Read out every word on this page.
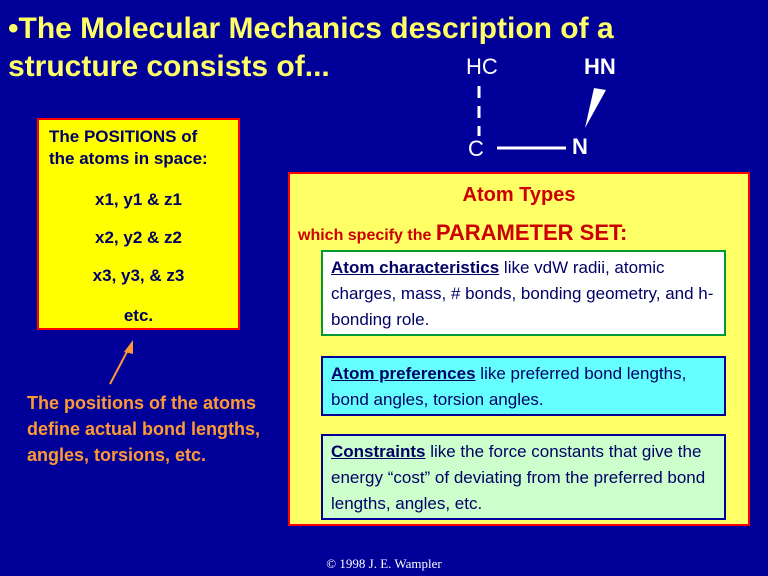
•The Molecular Mechanics description of a structure consists of...	HC	HN
C	N
The POSITIONS of
the atoms in space:
x1, y1 & z1
x2, y2 & z2
x3, y3, & z3
etc.
The positions of the atoms define actual bond lengths, angles, torsions, etc.
Atom Types
which specify the PARAMETER SET:
Atom characteristics like vdW radii, atomic charges, mass, # bonds, bonding geometry, and h-bonding role.
Atom preferences like preferred bond lengths, bond angles, torsion angles.
Constraints like the force constants that give the energy “cost” of deviating from the preferred bond lengths, angles, etc.
© 1998 J. E. Wampler
